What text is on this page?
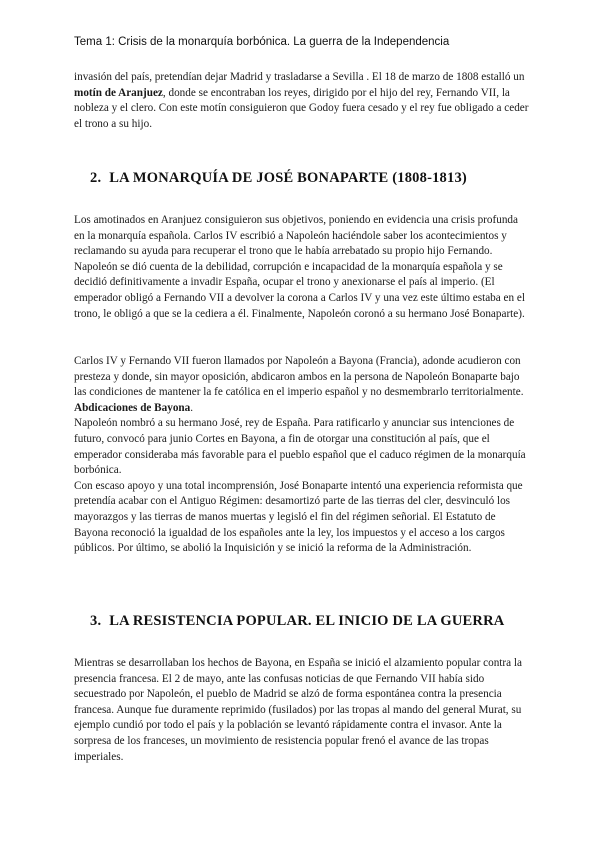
Tema 1: Crisis de la monarquía borbónica. La guerra de la Independencia

invasión del país, pretendían dejar Madrid y trasladarse a Sevilla . El 18 de marzo de 1808 estalló un motín de Aranjuez, donde se encontraban los reyes, dirigido por el hijo del rey, Fernando VII, la nobleza y el clero. Con este motín consiguieron que Godoy fuera cesado y el rey fue obligado a ceder el trono a su hijo.

2. LA MONARQUÍA DE JOSÉ BONAPARTE (1808-1813)

Los amotinados en Aranjuez consiguieron sus objetivos, poniendo en evidencia una crisis profunda en la monarquía española. Carlos IV escribió a Napoleón haciéndole saber los acontecimientos y reclamando su ayuda para recuperar el trono que le había arrebatado su propio hijo Fernando. Napoleón se dió cuenta de la debilidad, corrupción e incapacidad de la monarquía española y se decidió definitivamente a invadir España, ocupar el trono y anexionarse el país al imperio. (El emperador obligó a Fernando VII a devolver la corona a Carlos IV y una vez este último estaba en el trono, le obligó a que se la cediera a él. Finalmente, Napoleón coronó a su hermano José Bonaparte).

Carlos IV y Fernando VII fueron llamados por Napoleón a Bayona (Francia), adonde acudieron con presteza y donde, sin mayor oposición, abdicaron ambos en la persona de Napoleón Bonaparte bajo las condiciones de mantener la fe católica en el imperio español y no desmembrarlo territorialmente. Abdicaciones de Bayona.

Napoleón nombró a su hermano José, rey de España. Para ratificarlo y anunciar sus intenciones de futuro, convocó para junio Cortes en Bayona, a fin de otorgar una constitución al país, que el emperador consideraba más favorable para el pueblo español que el caduco régimen de la monarquía borbónica.

Con escaso apoyo y una total incomprensión, José Bonaparte intentó una experiencia reformista que pretendía acabar con el Antiguo Régimen: desamortizó parte de las tierras del cler, desvinculó los mayorazgos y las tierras de manos muertas y legisló el fin del régimen señorial. El Estatuto de Bayona reconoció la igualdad de los españoles ante la ley, los impuestos y el acceso a los cargos públicos. Por último, se abolió la Inquisición y se inició la reforma de la Administración.

3. LA RESISTENCIA POPULAR. EL INICIO DE LA GUERRA

Mientras se desarrollaban los hechos de Bayona, en España se inició el alzamiento popular contra la presencia francesa. El 2 de mayo, ante las confusas noticias de que Fernando VII había sido secuestrado por Napoleón, el pueblo de Madrid se alzó de forma espontánea contra la presencia francesa. Aunque fue duramente reprimido (fusilados) por las tropas al mando del general Murat, su ejemplo cundió por todo el país y la población se levantó rápidamente contra el invasor. Ante la sorpresa de los franceses, un movimiento de resistencia popular frenó el avance de las tropas imperiales.
